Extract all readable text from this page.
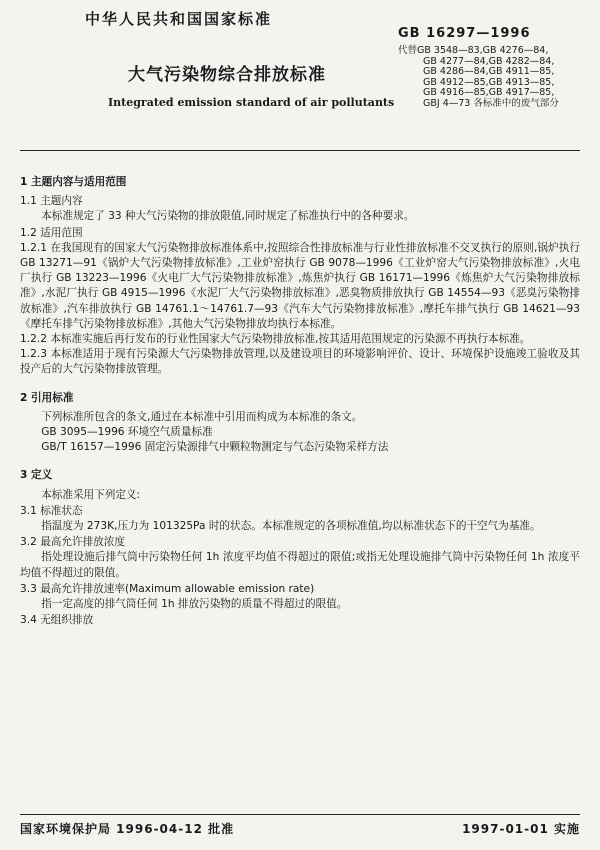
中华人民共和国国家标准
GB 16297—1996
代替GB 3548—83,GB 4276—84,
GB 4277—84,GB 4282—84,
GB 4286—84,GB 4911—85,
GB 4912—85,GB 4913—85,
GB 4916—85,GB 4917—85,
GBJ 4—73 各标准中的废气部分
大气污染物综合排放标准
Integrated emission standard of air pollutants
1 主题内容与适用范围
1.1 主题内容
本标准规定了 33 种大气污染物的排放限值,同时规定了标准执行中的各种要求。
1.2 适用范围
1.2.1 在我国现有的国家大气污染物排放标准体系中,按照综合性排放标准与行业性排放标准不交叉执行的原则,锅炉执行 GB 13271—91《锅炉大气污染物排放标准》,工业炉窑执行 GB 9078—1996《工业炉窑大气污染物排放标准》,火电厂执行 GB 13223—1996《火电厂大气污染物排放标准》,炼焦炉执行 GB 16171—1996《炼焦炉大气污染物排放标准》,水泥厂执行 GB 4915—1996《水泥厂大气污染物排放标准》,恶臭物质排放执行 GB 14554—93《恶臭污染物排放标准》,汽车排放执行 GB 14761.1～14761.7—93《汽车大气污染物排放标准》,摩托车排气执行 GB 14621—93《摩托车排气污染物排放标准》,其他大气污染物排放均执行本标准。
1.2.2 本标准实施后再行发布的行业性国家大气污染物排放标准,按其适用范围规定的污染源不再执行本标准。
1.2.3 本标准适用于现有污染源大气污染物排放管理,以及建设项目的环境影响评价、设计、环境保护设施竣工验收及其投产后的大气污染物排放管理。
2 引用标准
下列标准所包含的条文,通过在本标准中引用而构成为本标准的条文。
GB 3095—1996 环境空气质量标准
GB/T 16157—1996 固定污染源排气中颗粒物测定与气态污染物采样方法
3 定义
本标准采用下列定义:
3.1 标准状态
指温度为 273K,压力为 101325Pa 时的状态。本标准规定的各项标准值,均以标准状态下的干空气为基准。
3.2 最高允许排放浓度
指处理设施后排气筒中污染物任何 1h 浓度平均值不得超过的限值;或指无处理设施排气筒中污染物任何 1h 浓度平均值不得超过的限值。
3.3 最高允许排放速率(Maximum allowable emission rate)
指一定高度的排气筒任何 1h 排放污染物的质量不得超过的限值。
3.4 无组织排放
国家环境保护局 1996-04-12 批准	1997-01-01 实施
